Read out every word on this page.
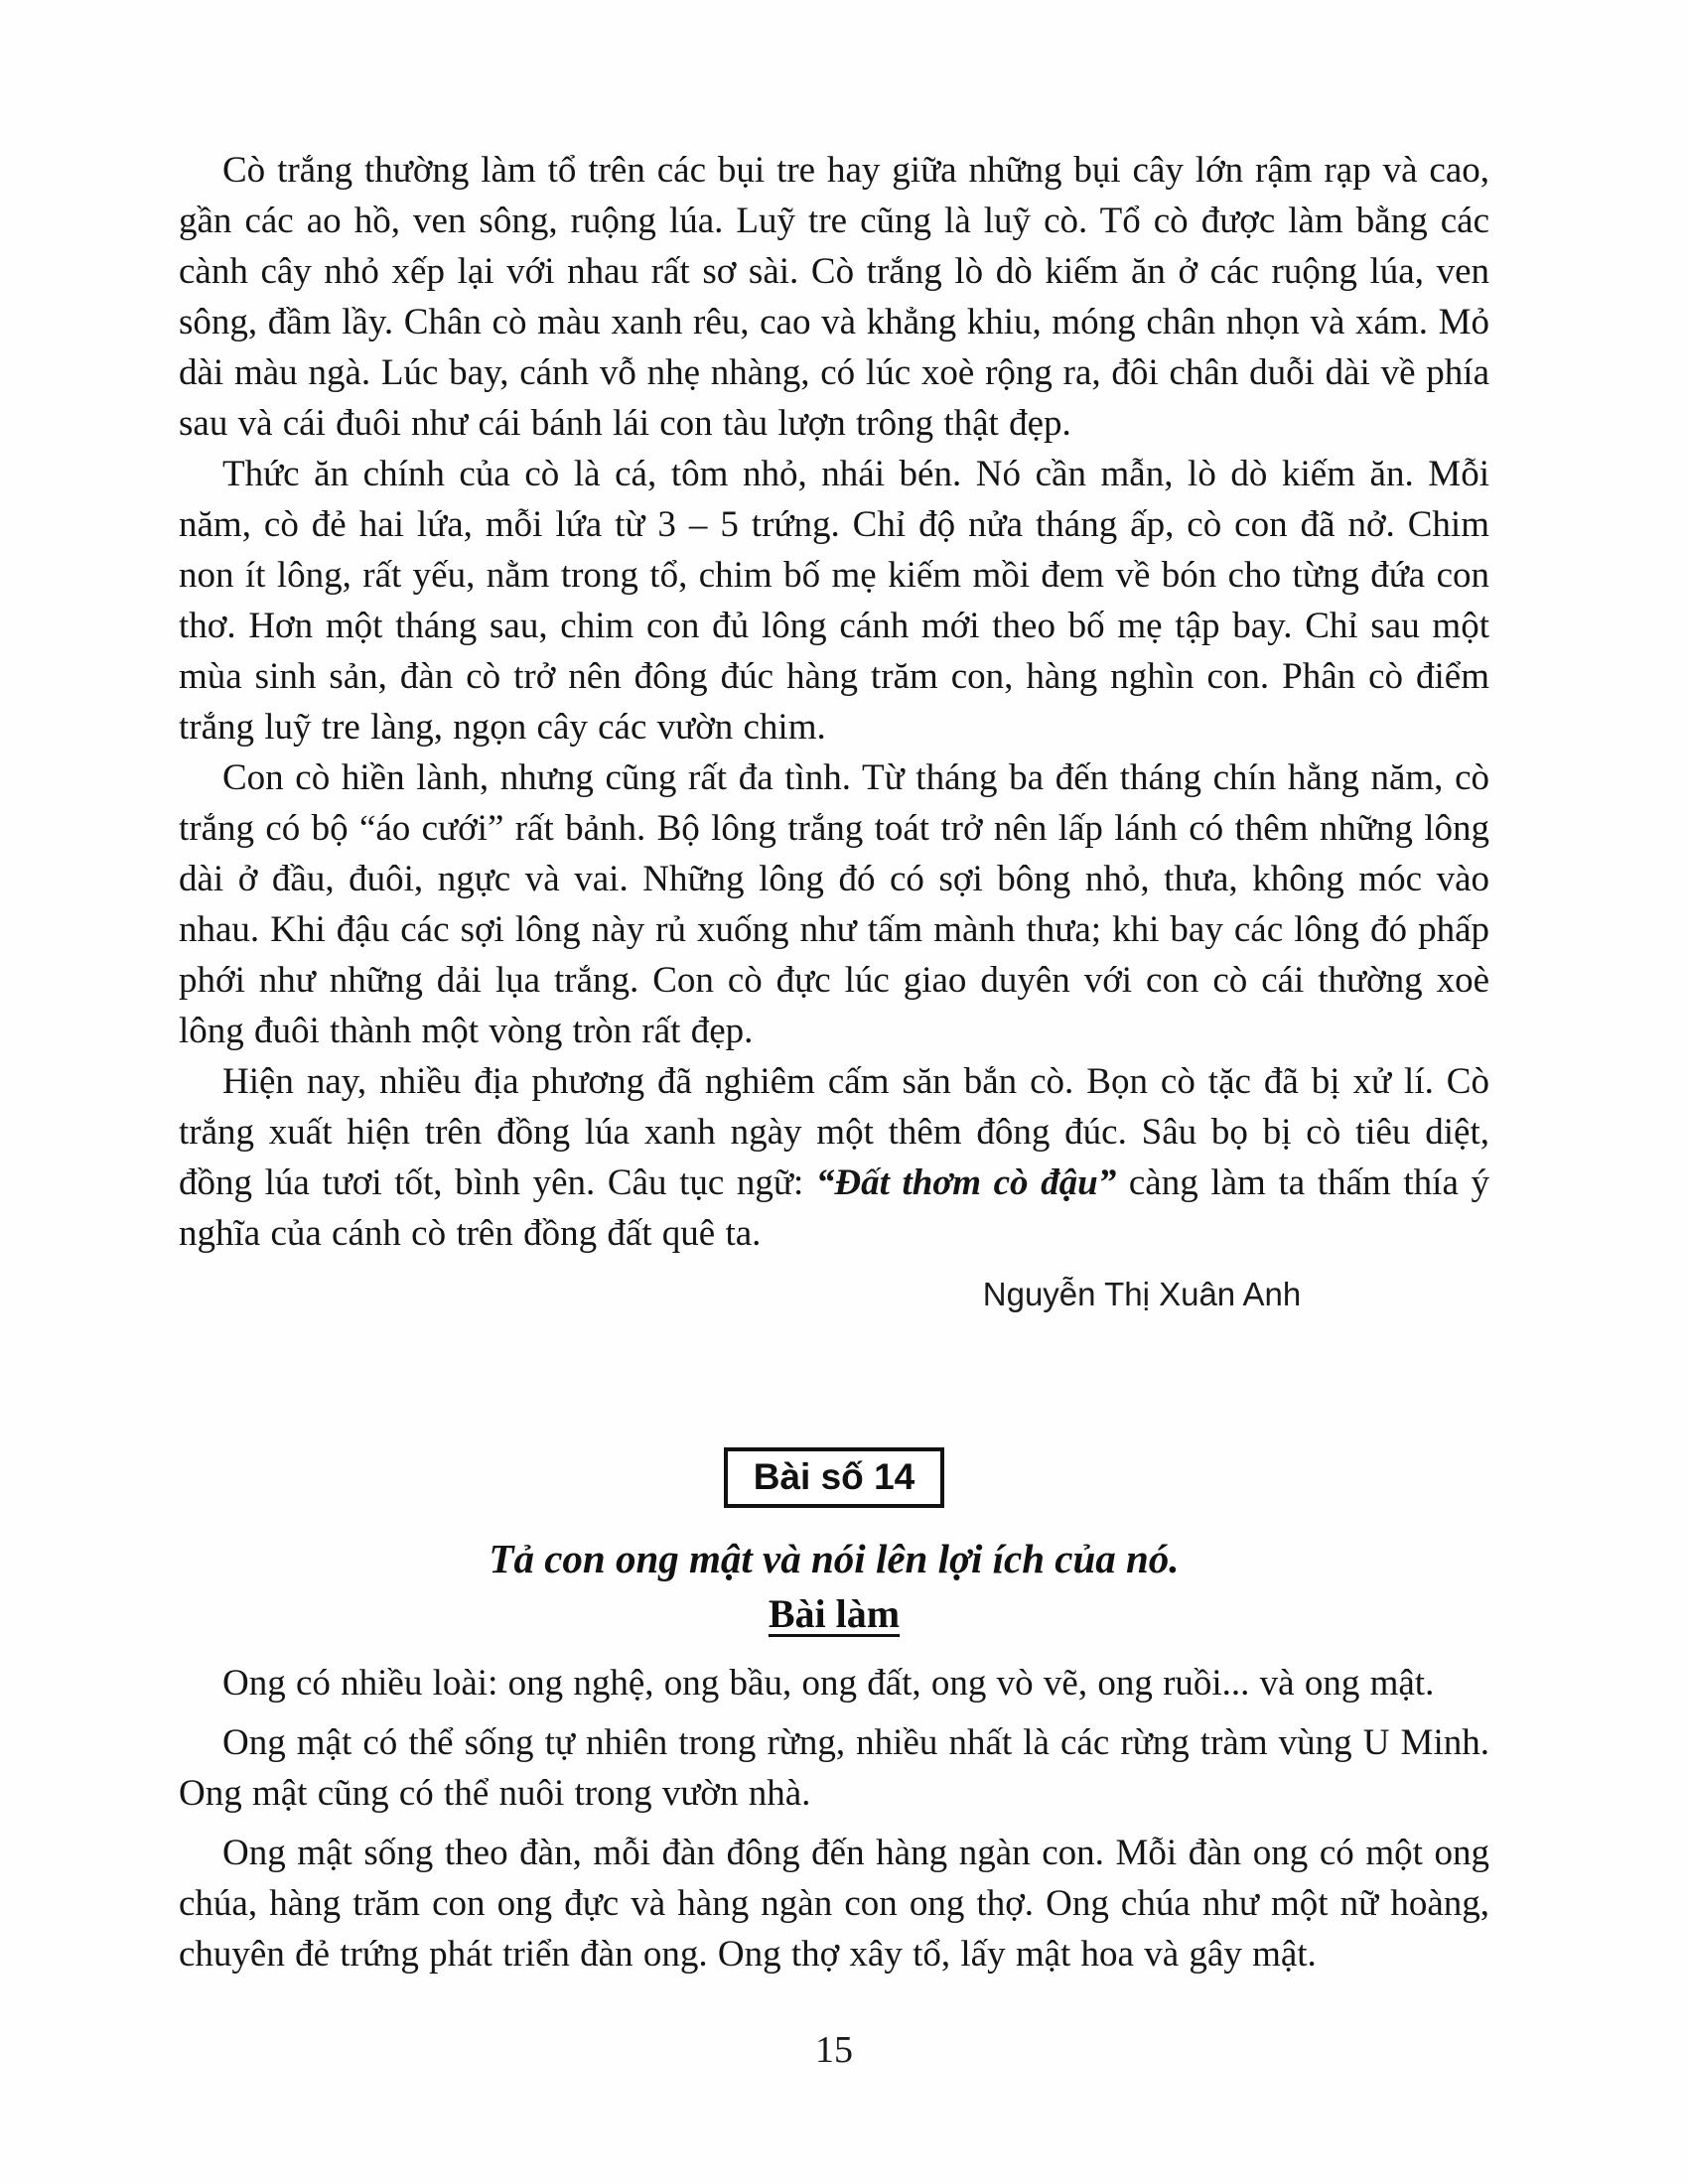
Cò trắng thường làm tổ trên các bụi tre hay giữa những bụi cây lớn rậm rạp và cao, gần các ao hồ, ven sông, ruộng lúa. Luỹ tre cũng là luỹ cò. Tổ cò được làm bằng các cành cây nhỏ xếp lại với nhau rất sơ sài. Cò trắng lò dò kiếm ăn ở các ruộng lúa, ven sông, đầm lầy. Chân cò màu xanh rêu, cao và khẳng khiu, móng chân nhọn và xám. Mỏ dài màu ngà. Lúc bay, cánh vỗ nhẹ nhàng, có lúc xoè rộng ra, đôi chân duỗi dài về phía sau và cái đuôi như cái bánh lái con tàu lượn trông thật đẹp.

Thức ăn chính của cò là cá, tôm nhỏ, nhái bén. Nó cần mẫn, lò dò kiếm ăn. Mỗi năm, cò đẻ hai lứa, mỗi lứa từ 3 – 5 trứng. Chỉ độ nửa tháng ấp, cò con đã nở. Chim non ít lông, rất yếu, nằm trong tổ, chim bố mẹ kiếm mồi đem về bón cho từng đứa con thơ. Hơn một tháng sau, chim con đủ lông cánh mới theo bố mẹ tập bay. Chỉ sau một mùa sinh sản, đàn cò trở nên đông đúc hàng trăm con, hàng nghìn con. Phân cò điểm trắng luỹ tre làng, ngọn cây các vườn chim.

Con cò hiền lành, nhưng cũng rất đa tình. Từ tháng ba đến tháng chín hằng năm, cò trắng có bộ “áo cưới” rất bảnh. Bộ lông trắng toát trở nên lấp lánh có thêm những lông dài ở đầu, đuôi, ngực và vai. Những lông đó có sợi bông nhỏ, thưa, không móc vào nhau. Khi đậu các sợi lông này rủ xuống như tấm mành thưa; khi bay các lông đó phấp phới như những dải lụa trắng. Con cò đực lúc giao duyên với con cò cái thường xoè lông đuôi thành một vòng tròn rất đẹp.

Hiện nay, nhiều địa phương đã nghiêm cấm săn bắn cò. Bọn cò tặc đã bị xử lí. Cò trắng xuất hiện trên đồng lúa xanh ngày một thêm đông đúc. Sâu bọ bị cò tiêu diệt, đồng lúa tươi tốt, bình yên. Câu tục ngữ: “Đất thơm cò đậu” càng làm ta thấm thía ý nghĩa của cánh cò trên đồng đất quê ta.

Nguyễn Thị Xuân Anh
Bài số 14
Tả con ong mật và nói lên lợi ích của nó.
Bài làm

Ong có nhiều loài: ong nghệ, ong bầu, ong đất, ong vò vẽ, ong ruồi... và ong mật.

Ong mật có thể sống tự nhiên trong rừng, nhiều nhất là các rừng tràm vùng U Minh. Ong mật cũng có thể nuôi trong vườn nhà.

Ong mật sống theo đàn, mỗi đàn đông đến hàng ngàn con. Mỗi đàn ong có một ong chúa, hàng trăm con ong đực và hàng ngàn con ong thợ. Ong chúa như một nữ hoàng, chuyên đẻ trứng phát triển đàn ong. Ong thợ xây tổ, lấy mật hoa và gây mật.

15
